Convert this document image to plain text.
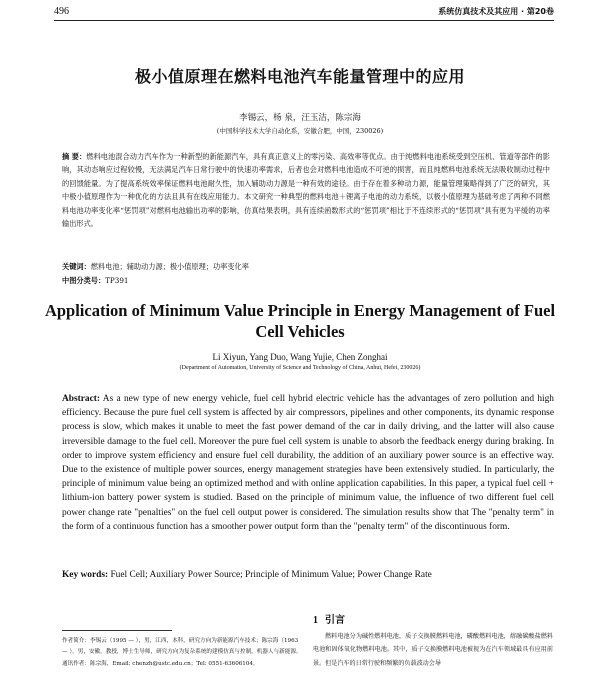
496	系统仿真技术及其应用 · 第20卷
极小值原理在燃料电池汽车能量管理中的应用
李锡云，杨 泉，汪玉洁，陈宗海
(中国科学技术大学自动化系，安徽合肥，中国，230026)
摘 要：燃料电池混合动力汽车作为一种新型的新能源汽车，具有真正意义上的零污染、高效率等优点。由于纯燃料电池系统受到空压机、管道等部件的影响，其动态响应过程较慢，无法满足汽车日常行驶中的快速功率需求，后者也会对燃料电池造成不可逆的损害，而且纯燃料电池系统无法吸收制动过程中的回馈能量。为了提高系统效率保证燃料电池耐久性，加入辅助动力源是一种有效的途径。由于存在着多种动力源，能量管理策略得到了广泛的研究，其中极小值原理作为一种优化的方法且具有在线应用能力。本文研究一种典型的燃料电池＋锂离子电池的动力系统，以极小值原理为基础考虑了两种不同燃料电池功率变化率“惩罚项”对燃料电池输出功率的影响，仿真结果表明，具有连续函数形式的“惩罚项”相比于不连续形式的“惩罚项”具有更为平缓的功率输出形式。
关键词：燃料电池；辅助动力源；极小值原理；功率变化率
中图分类号：TP391
Application of Minimum Value Principle in Energy Management of Fuel Cell Vehicles
Li Xiyun, Yang Duo, Wang Yujie, Chen Zonghai
(Department of Automation, University of Science and Technology of China, Anhui, Hefei, 230026)
Abstract: As a new type of new energy vehicle, fuel cell hybrid electric vehicle has the advantages of zero pollution and high efficiency. Because the pure fuel cell system is affected by air compressors, pipelines and other components, its dynamic response process is slow, which makes it unable to meet the fast power demand of the car in daily driving, and the latter will also cause irreversible damage to the fuel cell. Moreover the pure fuel cell system is unable to absorb the feedback energy during braking. In order to improve system efficiency and ensure fuel cell durability, the addition of an auxiliary power source is an effective way. Due to the existence of multiple power sources, energy management strategies have been extensively studied. In particularly, the principle of minimum value being an optimized method and with online application capabilities. In this paper, a typical fuel cell + lithium-ion battery power system is studied. Based on the principle of minimum value, the influence of two different fuel cell power change rate "penalties" on the fuel cell output power is considered. The simulation results show that The "penalty term" in the form of a continuous function has a smoother power output form than the "penalty term" of the discontinuous form.
Key words: Fuel Cell; Auxiliary Power Source; Principle of Minimum Value; Power Change Rate
1 引言
作者简介：李锡云（1995 — ），男，江西，本科，研究方向为新能源汽车技术；陈宗海（1963 — ），男，安徽，教授，博士生导师，研究方向为复杂系统的建模仿真与控制，机器人与新能源。
通讯作者：陈宗海，Email: chenzh@ustc.edu.cn；Tel: 0551-63606104。
燃料电池分为碱性燃料电池，质子交换膜燃料电池，磷酸燃料电池，熔融碳酸盐燃料电池和固体氧化物燃料电池。其中，质子交换膜燃料电池被视为在汽车领域最具有应用前景。但是汽车的日常行驶和频繁的负载波动会导
